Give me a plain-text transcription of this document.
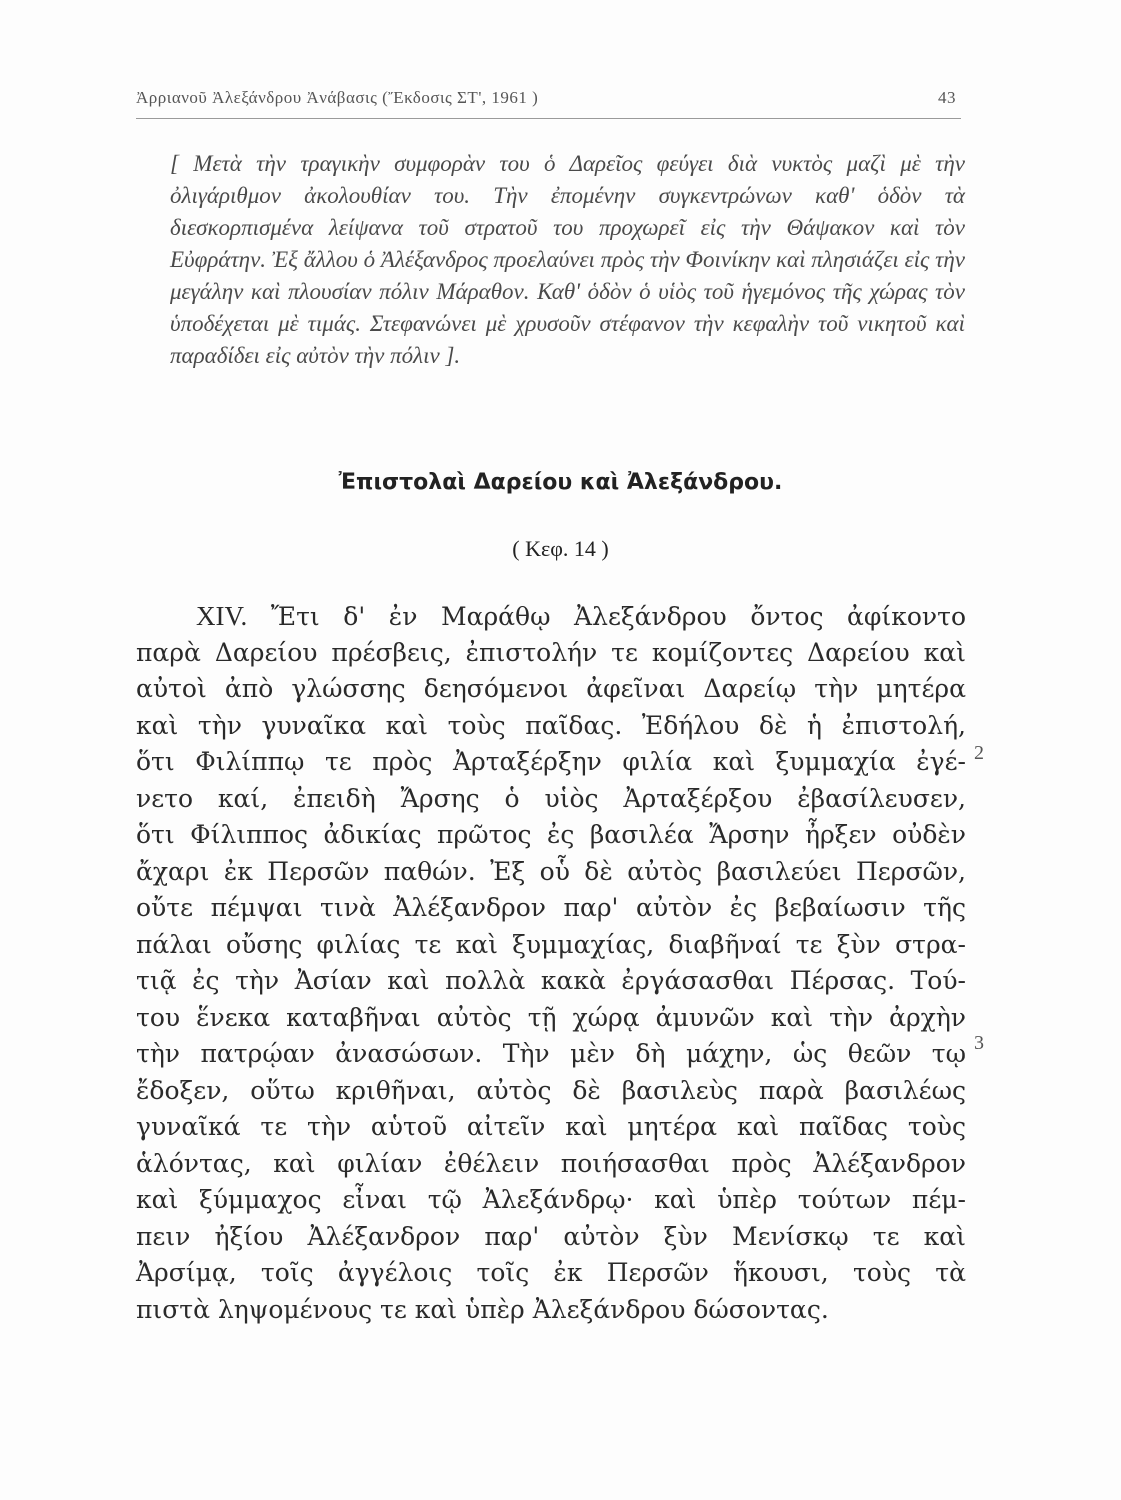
Ἀρριανοῦ Ἀλεξάνδρου Ἀνάβασις (Ἔκδοσις ΣΤ', 1961 )	43

[ Μετὰ τὴν τραγικὴν συμφορὰν του ὁ Δαρεῖος φεύγει διὰ νυκτὸς μαζὶ μὲ τὴν ὀλιγάριθμον ἀκολουθίαν του. Τὴν ἐπομένην συγκεντρώνων καθ' ὁδὸν τὰ διεσκορπισμένα λείψανα τοῦ στρατοῦ του προχωρεῖ εἰς τὴν Θάψακον καὶ τὸν Εὐφράτην. Ἐξ ἄλλου ὁ Ἀλέξανδρος προελαύνει πρὸς τὴν Φοινίκην καὶ πλησιάζει εἰς τὴν μεγάλην καὶ πλουσίαν πόλιν Μάραθον. Καθ' ὁδὸν ὁ υἱὸς τοῦ ἡγεμόνος τῆς χώρας τὸν ὑποδέχεται μὲ τιμάς. Στεφανώνει μὲ χρυσοῦν στέφανον τὴν κεφαλὴν τοῦ νικητοῦ καὶ παραδίδει εἰς αὐτὸν τὴν πόλιν ].

Ἐπιστολαὶ Δαρείου καὶ Ἀλεξάνδρου.
( Κεφ. 14 )
XIV. Ἔτι δ' ἐν Μαράθῳ Ἀλεξάνδρου ὄντος ἀφίκοντο
παρὰ Δαρείου πρέσβεις, ἐπιστολήν τε κομίζοντες Δαρείου καὶ
αὐτοὶ ἀπὸ γλώσσης δεησόμενοι ἀφεῖναι Δαρείῳ τὴν μητέρα
καὶ τὴν γυναῖκα καὶ τοὺς παῖδας. Ἐδήλου δὲ ἡ ἐπιστολή,
ὅτι Φιλίππῳ τε πρὸς Ἀρταξέρξην φιλία καὶ ξυμμαχία ἐγέ-
νετο καί, ἐπειδὴ Ἄρσης ὁ υἱὸς Ἀρταξέρξου ἐβασίλευσεν,
ὅτι Φίλιππος ἀδικίας πρῶτος ἐς βασιλέα Ἄρσην ἦρξεν οὐδὲν
ἄχαρι ἐκ Περσῶν παθών. Ἐξ οὗ δὲ αὐτὸς βασιλεύει Περσῶν,
οὔτε πέμψαι τινὰ Ἀλέξανδρον παρ' αὐτὸν ἐς βεβαίωσιν τῆς
πάλαι οὔσης φιλίας τε καὶ ξυμμαχίας, διαβῆναί τε ξὺν στρα-
τιᾷ ἐς τὴν Ἀσίαν καὶ πολλὰ κακὰ ἐργάσασθαι Πέρσας. Τού-
του ἕνεκα καταβῆναι αὐτὸς τῇ χώρᾳ ἀμυνῶν καὶ τὴν ἀρχὴν
τὴν πατρῴαν ἀνασώσων. Τὴν μὲν δὴ μάχην, ὡς θεῶν τῳ
ἔδοξεν, οὕτω κριθῆναι, αὐτὸς δὲ βασιλεὺς παρὰ βασιλέως
γυναῖκά τε τὴν αὑτοῦ αἰτεῖν καὶ μητέρα καὶ παῖδας τοὺς
ἁλόντας, καὶ φιλίαν ἐθέλειν ποιήσασθαι πρὸς Ἀλέξανδρον
καὶ ξύμμαχος εἶναι τῷ Ἀλεξάνδρῳ· καὶ ὑπὲρ τούτων πέμ-
πειν ἠξίου Ἀλέξανδρον παρ' αὐτὸν ξὺν Μενίσκῳ τε καὶ
Ἀρσίμᾳ, τοῖς ἀγγέλοις τοῖς ἐκ Περσῶν ἥκουσι, τοὺς τὰ
πιστὰ ληψομένους τε καὶ ὑπὲρ Ἀλεξάνδρου δώσοντας.
2
3
